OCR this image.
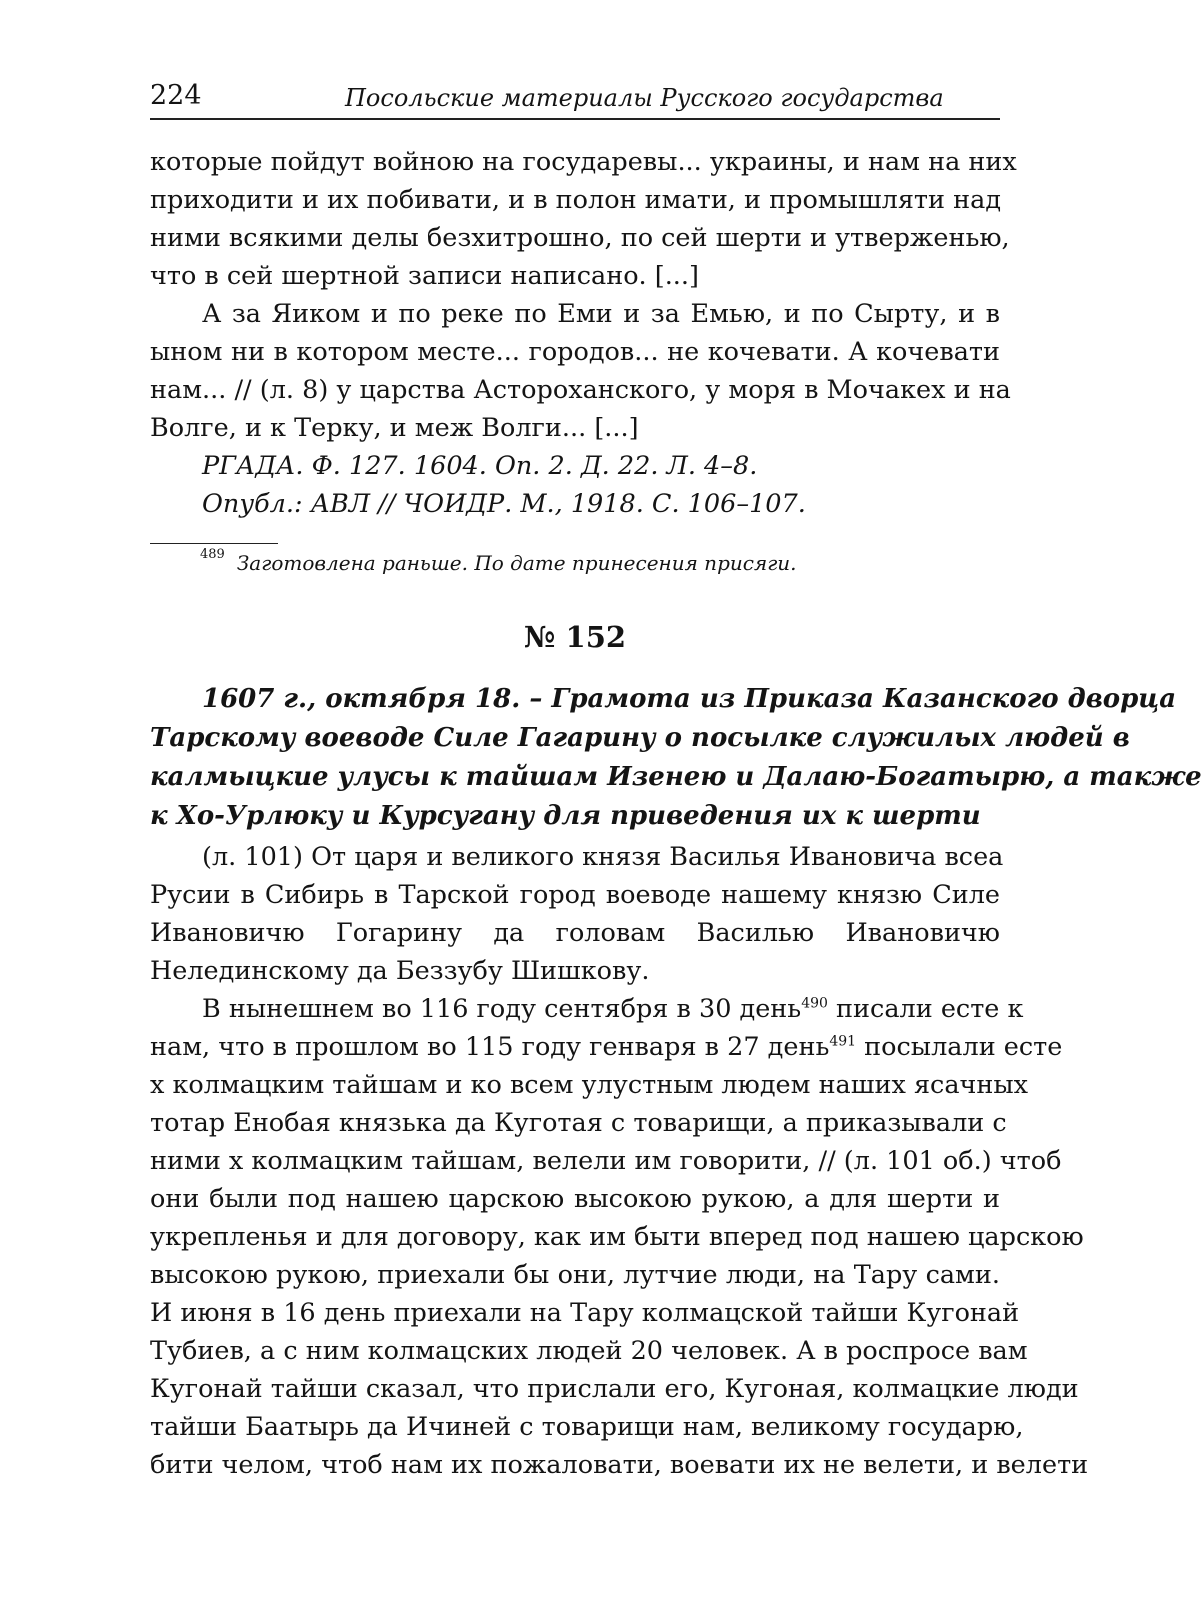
224	Посольские материалы Русского государства
которые пойдут войною на государевы... украины, и нам на них
приходити и их побивати, и в полон имати, и промышляти над
ними всякими делы безхитрошно, по сей шерти и утверженью,
что в сей шертной записи написано. [...]
А за Яиком и по реке по Еми и за Емью, и по Сырту, и в
ыном ни в котором месте... городов... не кочевати. А кочевати
нам... // (л. 8) у царства Астороханского, у моря в Мочакех и на
Волге, и к Терку, и меж Волги... [...]
РГАДА. Ф. 127. 1604. Оп. 2. Д. 22. Л. 4–8.
Опубл.: АВЛ // ЧОИДР. М., 1918. С. 106–107.
$^{489}$ Заготовлена раньше. По дате принесения присяги.
№ 152
1607 г., октября 18. – Грамота из Приказа Казанского дворца
Тарскому воеводе Силе Гагарину о посылке служилых людей в
калмыцкие улусы к тайшам Изенею и Далаю-Богатырю, а также
к Хо-Урлюку и Курсугану для приведения их к шерти
(л. 101) От царя и великого князя Василья Ивановича всеа
Русии в Сибирь в Тарской город воеводе нашему князю Силе
Ивановичю Гогарину да головам Василью Ивановичю
Нелединскому да Беззубу Шишкову.
В нынешнем во 116 году сентября в 30 день$^{490}$ писали есте к
нам, что в прошлом во 115 году генваря в 27 день$^{491}$ посылали есте
х колмацким тайшам и ко всем улустным людем наших ясачных
тотар Енобая князька да Куготая с товарищи, а приказывали с
ними х колмацким тайшам, велели им говорити, // (л. 101 об.) чтоб
они были под нашею царскою высокою рукою, а для шерти и
укрепленья и для договору, как им быти вперед под нашею царскою
высокою рукою, приехали бы они, лутчие люди, на Тару сами.
И июня в 16 день приехали на Тару колмацской тайши Кугонай
Тубиев, а с ним колмацских людей 20 человек. А в роспросе вам
Кугонай тайши сказал, что прислали его, Кугоная, колмацкие люди
тайши Баатырь да Ичиней с товарищи нам, великому государю,
бити челом, чтоб нам их пожаловати, воевати их не велети, и велети
